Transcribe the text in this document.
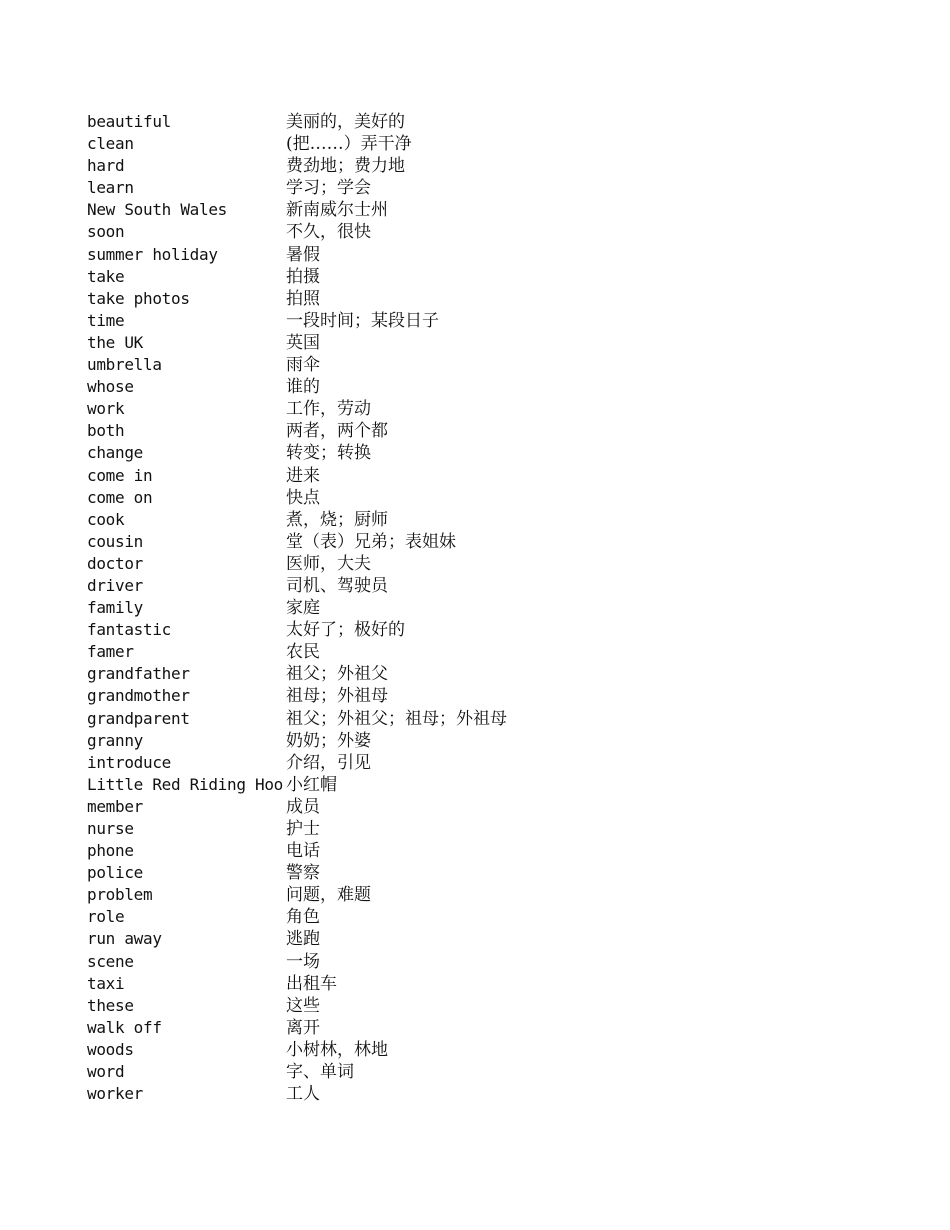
beautiful	美丽的，美好的
clean	(把……）弄干净
hard	费劲地；费力地
learn	学习；学会
New South Wales	新南威尔士州
soon	不久，很快
summer holiday	暑假
take	拍摄
take photos	拍照
time	一段时间；某段日子
the UK	英国
umbrella	雨伞
whose	谁的
work	工作，劳动
both	两者，两个都
change	转变；转换
come in	进来
come on	快点
cook	煮，烧；厨师
cousin	堂（表）兄弟；表姐妹
doctor	医师，大夫
driver	司机、驾驶员
family	家庭
fantastic	太好了；极好的
famer	农民
grandfather	祖父；外祖父
grandmother	祖母；外祖母
grandparent	祖父；外祖父；祖母；外祖母
granny	奶奶；外婆
introduce	介绍，引见
Little Red Riding Hoo 小红帽
member	成员
nurse	护士
phone	电话
police	警察
problem	问题，难题
role	角色
run away	逃跑
scene	一场
taxi	出租车
these	这些
walk off	离开
woods	小树林，林地
word	字、单词
worker	工人
